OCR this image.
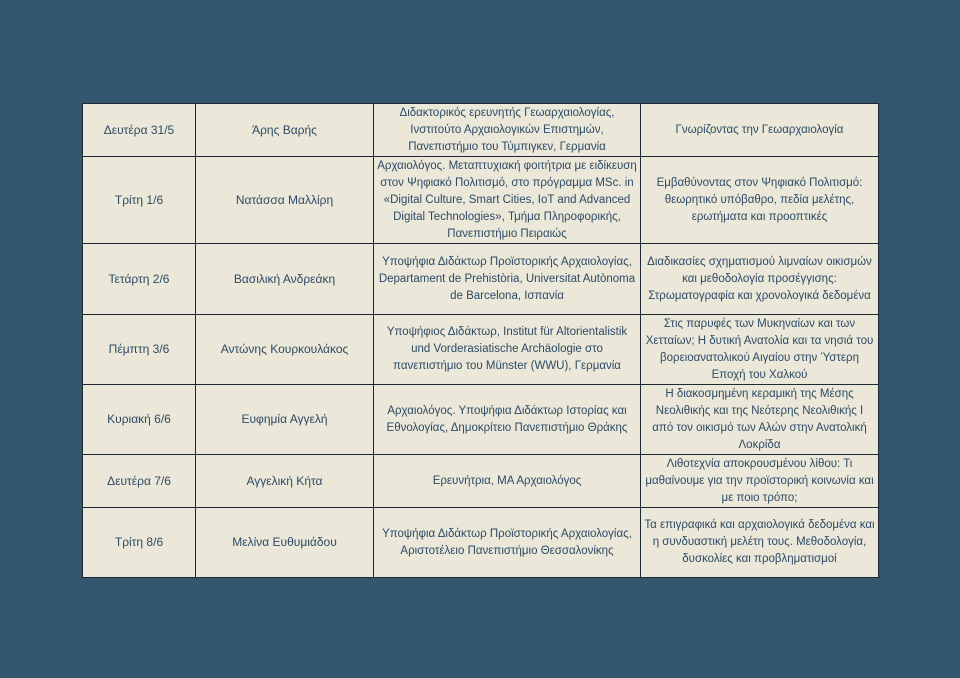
Δευτέρα 31/5	Άρης Βαρής	Διδακτορικός ερευνητής Γεωαρχαιολογίας, Ινστιτούτο Αρχαιολογικών Επιστημών, Πανεπιστήμιο του Τύμπιγκεν, Γερμανία	Γνωρίζοντας την Γεωαρχαιολογία
Τρίτη 1/6	Νατάσσα Μαλλίρη	Αρχαιολόγος. Μεταπτυχιακή φοιτήτρια με ειδίκευση στον Ψηφιακό Πολιτισμό, στο πρόγραμμα MSc. in «Digital Culture, Smart Cities, IoT and Advanced Digital Technologies», Τμήμα Πληροφορικής, Πανεπιστήμιο Πειραιώς	Εμβαθύνοντας στον Ψηφιακό Πολιτισμό: θεωρητικό υπόβαθρο, πεδία μελέτης, ερωτήματα και προοπτικές
Τετάρτη 2/6	Βασιλική Ανδρεάκη	Υποψήφια Διδάκτωρ Προϊστορικής Αρχαιολογίας, Departament de Prehistòria, Universitat Autònoma de Barcelona, Ισπανία	Διαδικασίες σχηματισμού λιμναίων οικισμών και μεθοδολογία προσέγγισης: Στρωματογραφία και χρονολογικά δεδομένα
Πέμπτη 3/6	Αντώνης Κουρκουλάκος	Υποψήφιος Διδάκτωρ, Institut für Altorientalistik und Vorderasiatische Archäologie στο πανεπιστήμιο του Münster (WWU), Γερμανία	Στις παρυφές των Μυκηναίων και των Χετταίων; Η δυτική Ανατολία και τα νησιά του βορειοανατολικού Αιγαίου στην Ύστερη Εποχή του Χαλκού
Κυριακή 6/6	Ευφημία Αγγελή	Αρχαιολόγος. Υποψήφια Διδάκτωρ Ιστορίας και Εθνολογίας, Δημοκρίτειο Πανεπιστήμιο Θράκης	Η διακοσμημένη κεραμική της Μέσης Νεολιθικής και της Νεότερης Νεολιθικής Ι από τον οικισμό των Αλών στην Ανατολική Λοκρίδα
Δευτέρα 7/6	Αγγελική Κήτα	Ερευνήτρια, ΜΑ Αρχαιολόγος	Λιθοτεχνία αποκρουσμένου λίθου: Τι μαθαίνουμε για την προϊστορική κοινωνία και με ποιο τρόπο;
Τρίτη 8/6	Μελίνα Ευθυμιάδου	Υποψήφια Διδάκτωρ Προϊστορικής Αρχαιολογίας, Αριστοτέλειο Πανεπιστήμιο Θεσσαλονίκης	Τα επιγραφικά και αρχαιολογικά δεδομένα και η συνδυαστική μελέτη τους. Μεθοδολογία, δυσκολίες και προβληματισμοί
